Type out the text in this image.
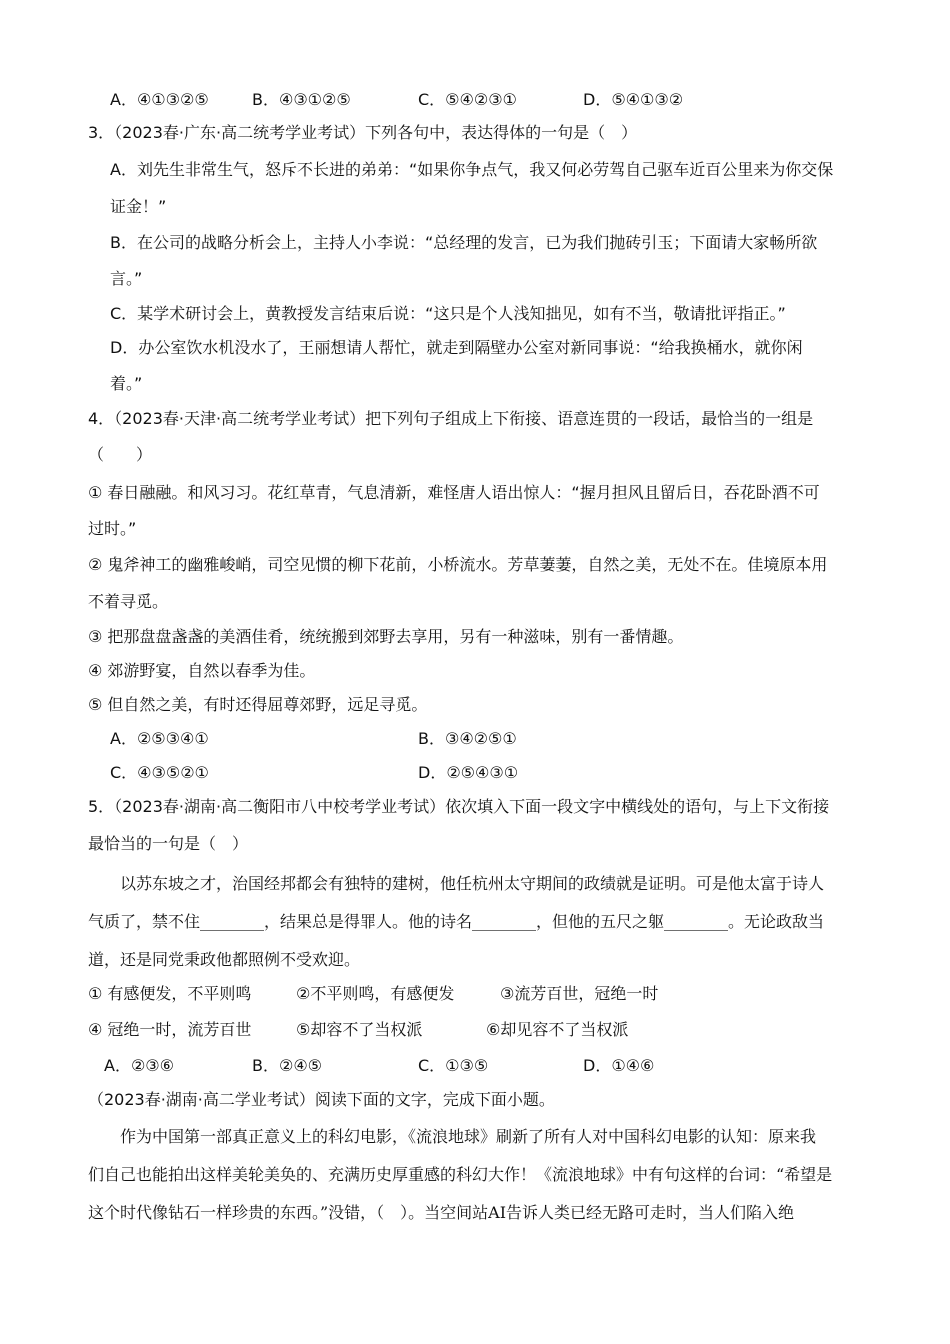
A．④①③②⑤	B．④③①②⑤	C．⑤④②③①	D．⑤④①③②
3．（2023春·广东·高二统考学业考试）下列各句中，表达得体的一句是（　）
A．刘先生非常生气，怒斥不长进的弟弟：“如果你争点气，我又何必劳驾自己驱车近百公里来为你交保
证金！”
B．在公司的战略分析会上，主持人小李说：“总经理的发言，已为我们抛砖引玉；下面请大家畅所欲
言。”
C．某学术研讨会上，黄教授发言结束后说：“这只是个人浅知拙见，如有不当，敬请批评指正。”
D．办公室饮水机没水了，王丽想请人帮忙，就走到隔壁办公室对新同事说：“给我换桶水，就你闲
着。”
4．（2023春·天津·高二统考学业考试）把下列句子组成上下衔接、语意连贯的一段话，最恰当的一组是
（　　）
① 春日融融。和风习习。花红草青，气息清新，难怪唐人语出惊人：“握月担风且留后日，吞花卧酒不可
过时。”
② 鬼斧神工的幽雅峻峭，司空见惯的柳下花前，小桥流水。芳草萋萋，自然之美，无处不在。佳境原本用
不着寻觅。
③ 把那盘盘盏盏的美酒佳肴，统统搬到郊野去享用，另有一种滋味，别有一番情趣。
④ 郊游野宴，自然以春季为佳。
⑤ 但自然之美，有时还得屈尊郊野，远足寻觅。
A．②⑤③④①	B．③④②⑤①
C．④③⑤②①	D．②⑤④③①
5．（2023春·湖南·高二衡阳市八中校考学业考试）依次填入下面一段文字中横线处的语句，与上下文衔接
最恰当的一句是（　）
以苏东坡之才，治国经邦都会有独特的建树，他任杭州太守期间的政绩就是证明。可是他太富于诗人
气质了，禁不住________，结果总是得罪人。他的诗名________，但他的五尺之躯________。无论政敌当
道，还是同党秉政他都照例不受欢迎。
① 有感便发，不平则鸣	②不平则鸣，有感便发	③流芳百世，冠绝一时
④ 冠绝一时，流芳百世	⑤却容不了当权派	⑥却见容不了当权派
A．②③⑥	B．②④⑤	C．①③⑤	D．①④⑥
（2023春·湖南·高二学业考试）阅读下面的文字，完成下面小题。
作为中国第一部真正意义上的科幻电影，《流浪地球》刷新了所有人对中国科幻电影的认知：原来我
们自己也能拍出这样美轮美奂的、充满历史厚重感的科幻大作！《流浪地球》中有句这样的台词：“希望是
这个时代像钻石一样珍贵的东西。”没错，（　）。当空间站AI告诉人类已经无路可走时，当人们陷入绝
